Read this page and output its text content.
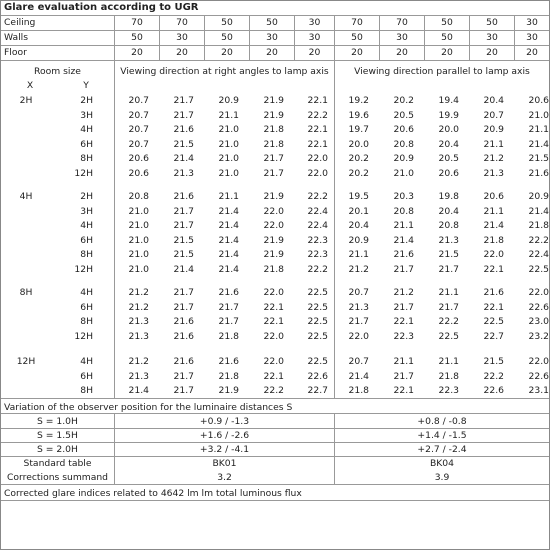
Glare evaluation according to UGR
Ceiling	70	70	50	50	30	70	70	50	50	30
Walls	50	30	50	30	30	50	30	50	30	30
Floor	20	20	20	20	20	20	20	20	20	20
Room size
X	Y
Viewing direction at right angles to lamp axis	Viewing direction parallel to lamp axis
2H	2H	20.7	21.7	20.9	21.9	22.1	19.2	20.2	19.4	20.4	20.6
3H	20.7	21.7	21.1	21.9	22.2	19.6	20.5	19.9	20.7	21.0
4H	20.7	21.6	21.0	21.8	22.1	19.7	20.6	20.0	20.9	21.1
6H	20.7	21.5	21.0	21.8	22.1	20.0	20.8	20.4	21.1	21.4
8H	20.6	21.4	21.0	21.7	22.0	20.2	20.9	20.5	21.2	21.5
12H	20.6	21.3	21.0	21.7	22.0	20.2	21.0	20.6	21.3	21.6
4H	2H	20.8	21.6	21.1	21.9	22.2	19.5	20.3	19.8	20.6	20.9
3H	21.0	21.7	21.4	22.0	22.4	20.1	20.8	20.4	21.1	21.4
4H	21.0	21.7	21.4	22.0	22.4	20.4	21.1	20.8	21.4	21.8
6H	21.0	21.5	21.4	21.9	22.3	20.9	21.4	21.3	21.8	22.2
8H	21.0	21.5	21.4	21.9	22.3	21.1	21.6	21.5	22.0	22.4
12H	21.0	21.4	21.4	21.8	22.2	21.2	21.7	21.7	22.1	22.5
8H	4H	21.2	21.7	21.6	22.0	22.5	20.7	21.2	21.1	21.6	22.0
6H	21.2	21.7	21.7	22.1	22.5	21.3	21.7	21.7	22.1	22.6
8H	21.3	21.6	21.7	22.1	22.5	21.7	22.1	22.2	22.5	23.0
12H	21.3	21.6	21.8	22.0	22.5	22.0	22.3	22.5	22.7	23.2
12H	4H	21.2	21.6	21.6	22.0	22.5	20.7	21.1	21.1	21.5	22.0
6H	21.3	21.7	21.8	22.1	22.6	21.4	21.7	21.8	22.2	22.6
8H	21.4	21.7	21.9	22.2	22.7	21.8	22.1	22.3	22.6	23.1
Variation of the observer position for the luminaire distances S
S = 1.0H	+0.9 / -1.3	+0.8 / -0.8
S = 1.5H	+1.6 / -2.6	+1.4 / -1.5
S = 2.0H	+3.2 / -4.1	+2.7 / -2.4
Standard table	BK01	BK04
Corrections summand	3.2	3.9
Corrected glare indices related to 4642 lm lm total luminous flux
